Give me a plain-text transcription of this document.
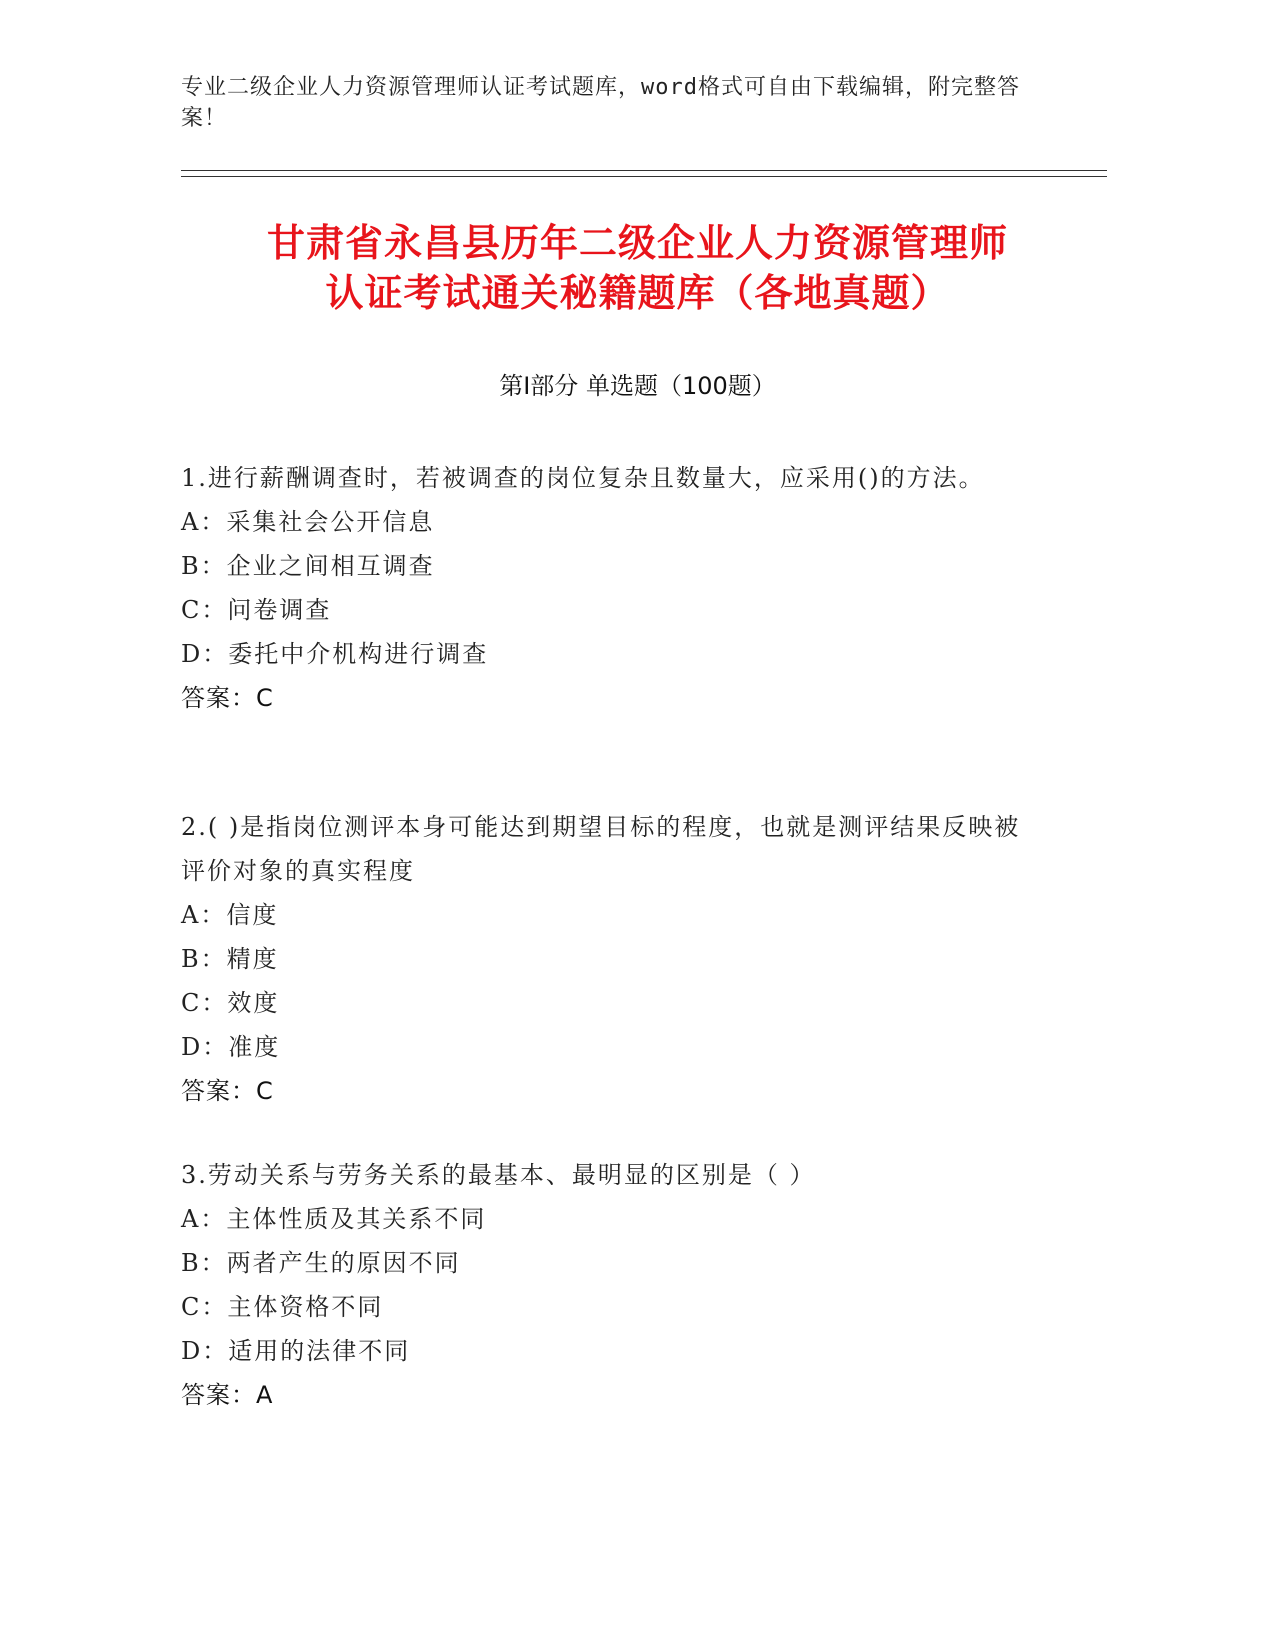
专业二级企业人力资源管理师认证考试题库，word格式可自由下载编辑，附完整答案！
甘肃省永昌县历年二级企业人力资源管理师
认证考试通关秘籍题库（各地真题）
第Ⅰ部分 单选题（100题）

1.进行薪酬调查时，若被调查的岗位复杂且数量大，应采用()的方法。

A：采集社会公开信息

B：企业之间相互调查

C：问卷调查

D：委托中介机构进行调查

答案：C

2.( )是指岗位测评本身可能达到期望目标的程度，也就是测评结果反映被评价对象的真实程度

A：信度

B：精度

C：效度

D：准度

答案：C

3.劳动关系与劳务关系的最基本、最明显的区别是（ ）

A：主体性质及其关系不同

B：两者产生的原因不同

C：主体资格不同

D：适用的法律不同

答案：A
